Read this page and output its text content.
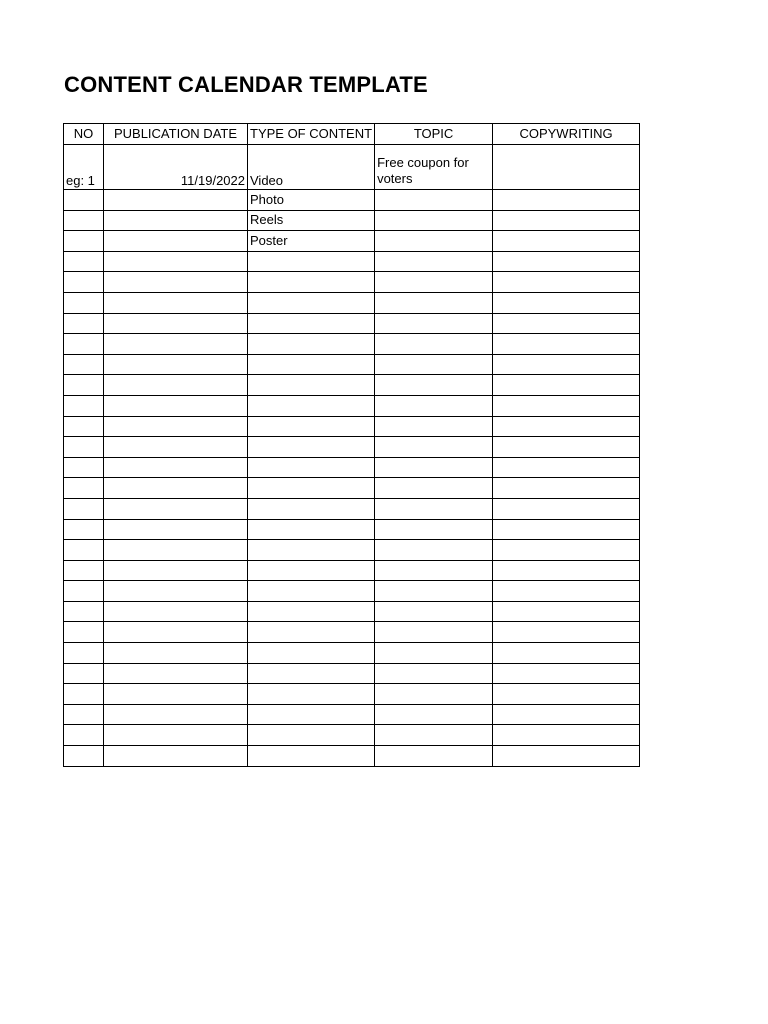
CONTENT CALENDAR TEMPLATE
NO	PUBLICATION DATE	TYPE OF CONTENT	TOPIC	COPYWRITING
eg: 1	11/19/2022	Video	Free coupon for voters	
		Photo		
		Reels		
		Poster		
